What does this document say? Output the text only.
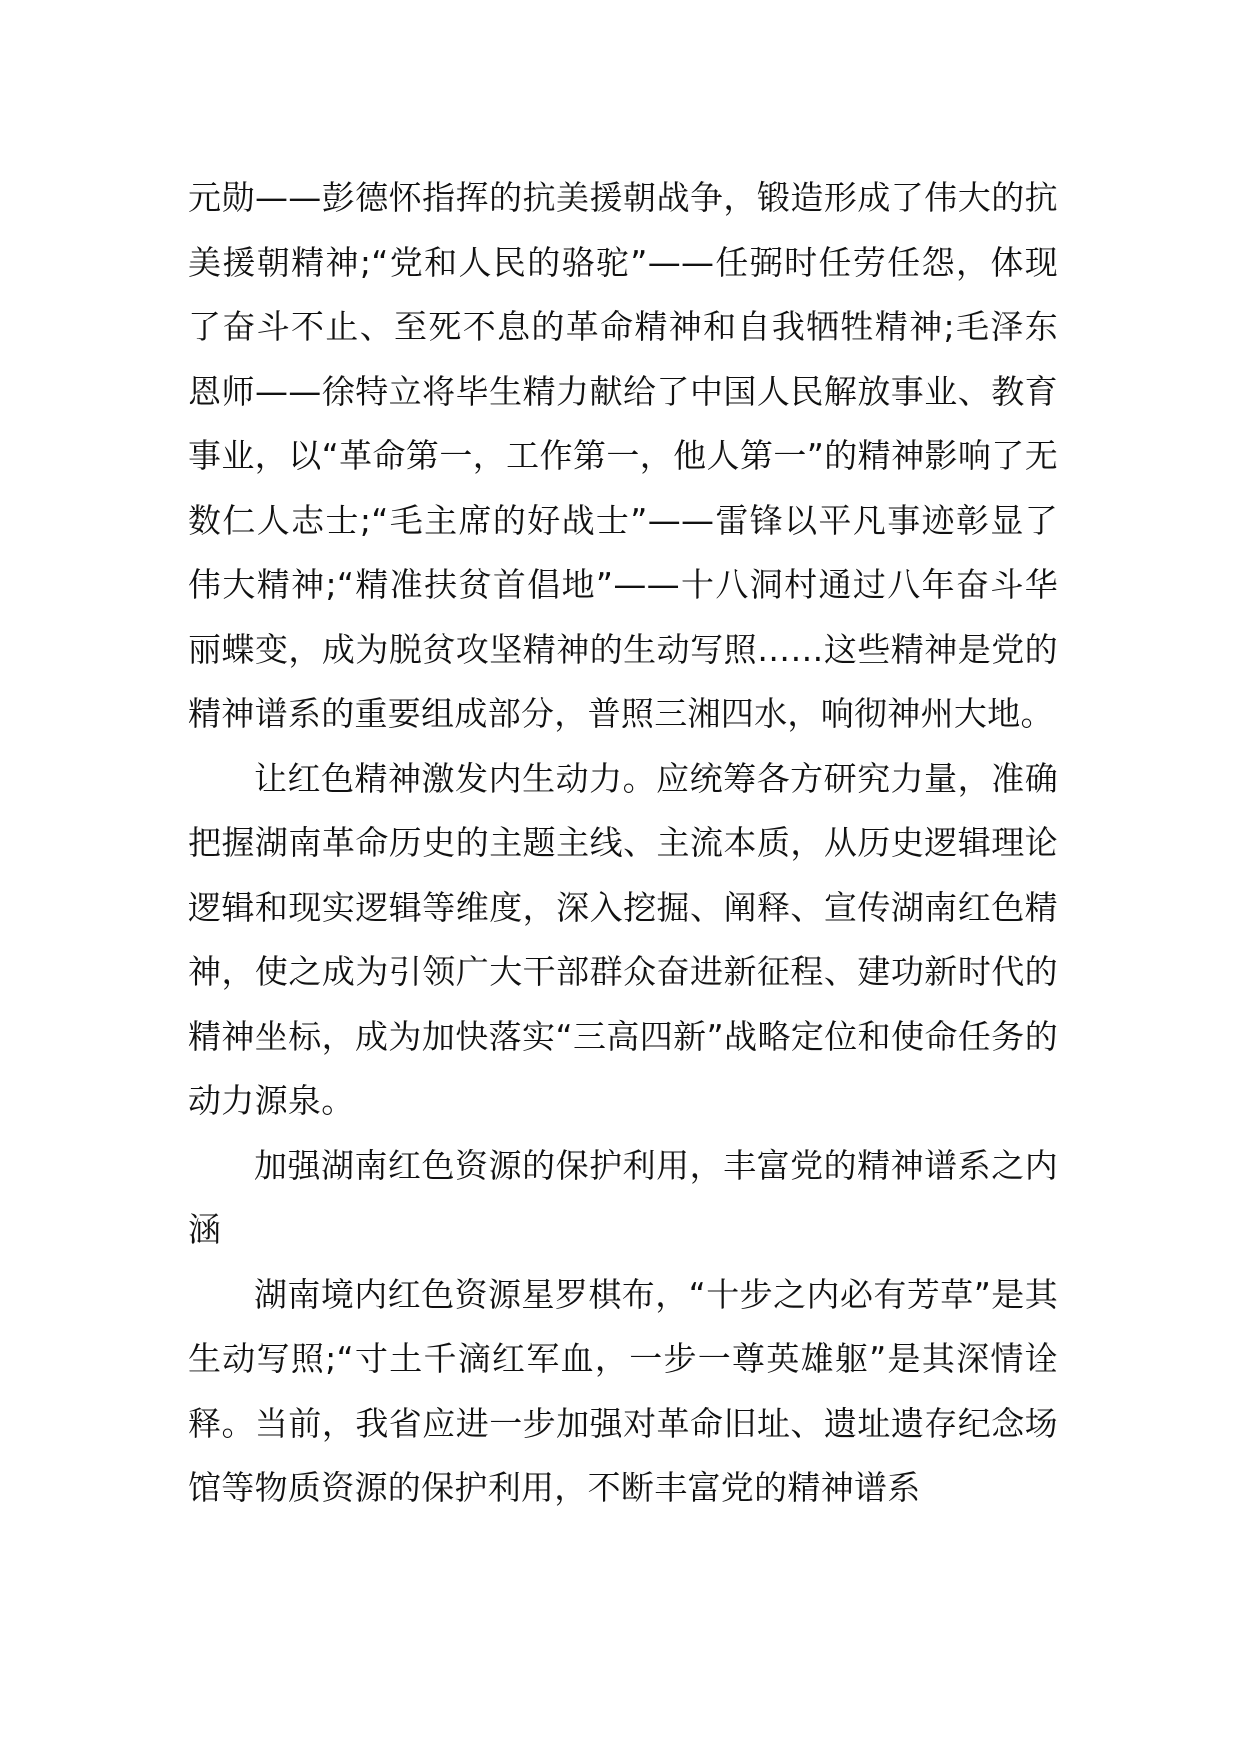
元勋——彭德怀指挥的抗美援朝战争，锻造形成了伟大的抗美援朝精神;“党和人民的骆驼”——任弼时任劳任怨，体现了奋斗不止、至死不息的革命精神和自我牺牲精神;毛泽东恩师——徐特立将毕生精力献给了中国人民解放事业、教育事业，以“革命第一，工作第一，他人第一”的精神影响了无数仁人志士;“毛主席的好战士”——雷锋以平凡事迹彰显了伟大精神;“精准扶贫首倡地”——十八洞村通过八年奋斗华丽蝶变，成为脱贫攻坚精神的生动写照……这些精神是党的精神谱系的重要组成部分，普照三湘四水，响彻神州大地。

让红色精神激发内生动力。应统筹各方研究力量，准确把握湖南革命历史的主题主线、主流本质，从历史逻辑理论逻辑和现实逻辑等维度，深入挖掘、阐释、宣传湖南红色精神，使之成为引领广大干部群众奋进新征程、建功新时代的精神坐标，成为加快落实“三高四新”战略定位和使命任务的动力源泉。

加强湖南红色资源的保护利用，丰富党的精神谱系之内涵

湖南境内红色资源星罗棋布，“十步之内必有芳草”是其生动写照;“寸土千滴红军血，一步一尊英雄躯”是其深情诠释。当前，我省应进一步加强对革命旧址、遗址遗存纪念场馆等物质资源的保护利用，不断丰富党的精神谱系
